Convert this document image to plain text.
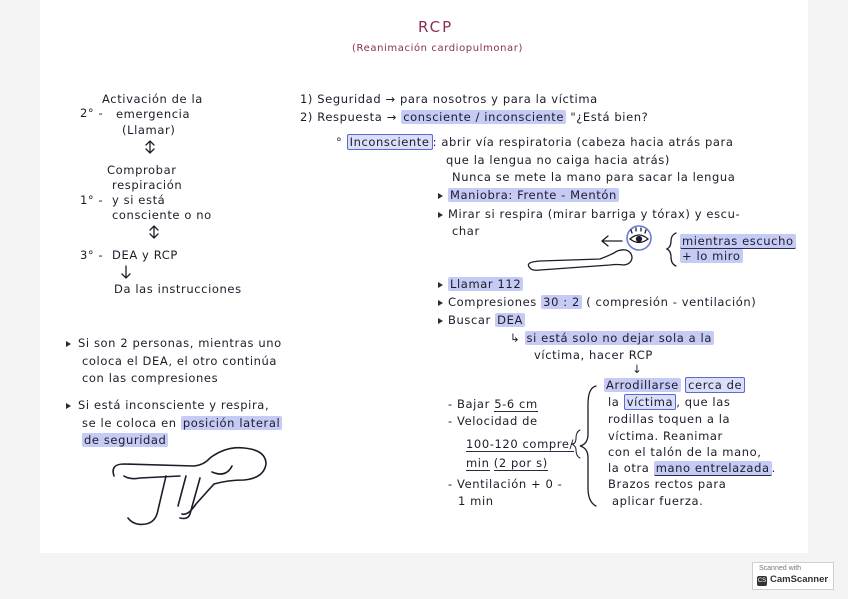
RCP
(Reanimación cardiopulmonar)
2° -
Activación de la
emergencia
(Llamar)
Comprobar
respiración
1° - y si está
consciente o no
3° - DEA y RCP
Da las instrucciones
Si son 2 personas, mientras uno
coloca el DEA, el otro continúa
con las compresiones
Si está inconsciente y respira,
se le coloca en posición lateral
de seguridad
1) Seguridad → para nosotros y para la víctima
2) Respuesta → consciente / inconsciente "¿Está bien?
° Inconsciente : abrir vía respiratoria (cabeza hacia atrás para
que la lengua no caiga hacia atrás)
Nunca se mete la mano para sacar la lengua
Maniobra: Frente - Mentón
Mirar si respira (mirar barriga y tórax) y escu-
char
mientras escucho
+ lo miro
Llamar 112
Compresiones 30 : 2 ( compresión - ventilación)
Buscar DEA
↳ si está solo no dejar sola a la
víctima, hacer RCP
↓
- Bajar 5-6 cm
- Velocidad de
100-120 compre/
min (2 por s)
- Ventilación + 0 -
1 min
Arrodillarse cerca de
la víctima , que las
rodillas toquen a la
víctima. Reanimar
con el talón de la mano,
la otra mano entrelazada .
Brazos rectos para
aplicar fuerza.
Scanned with
CS CamScanner
